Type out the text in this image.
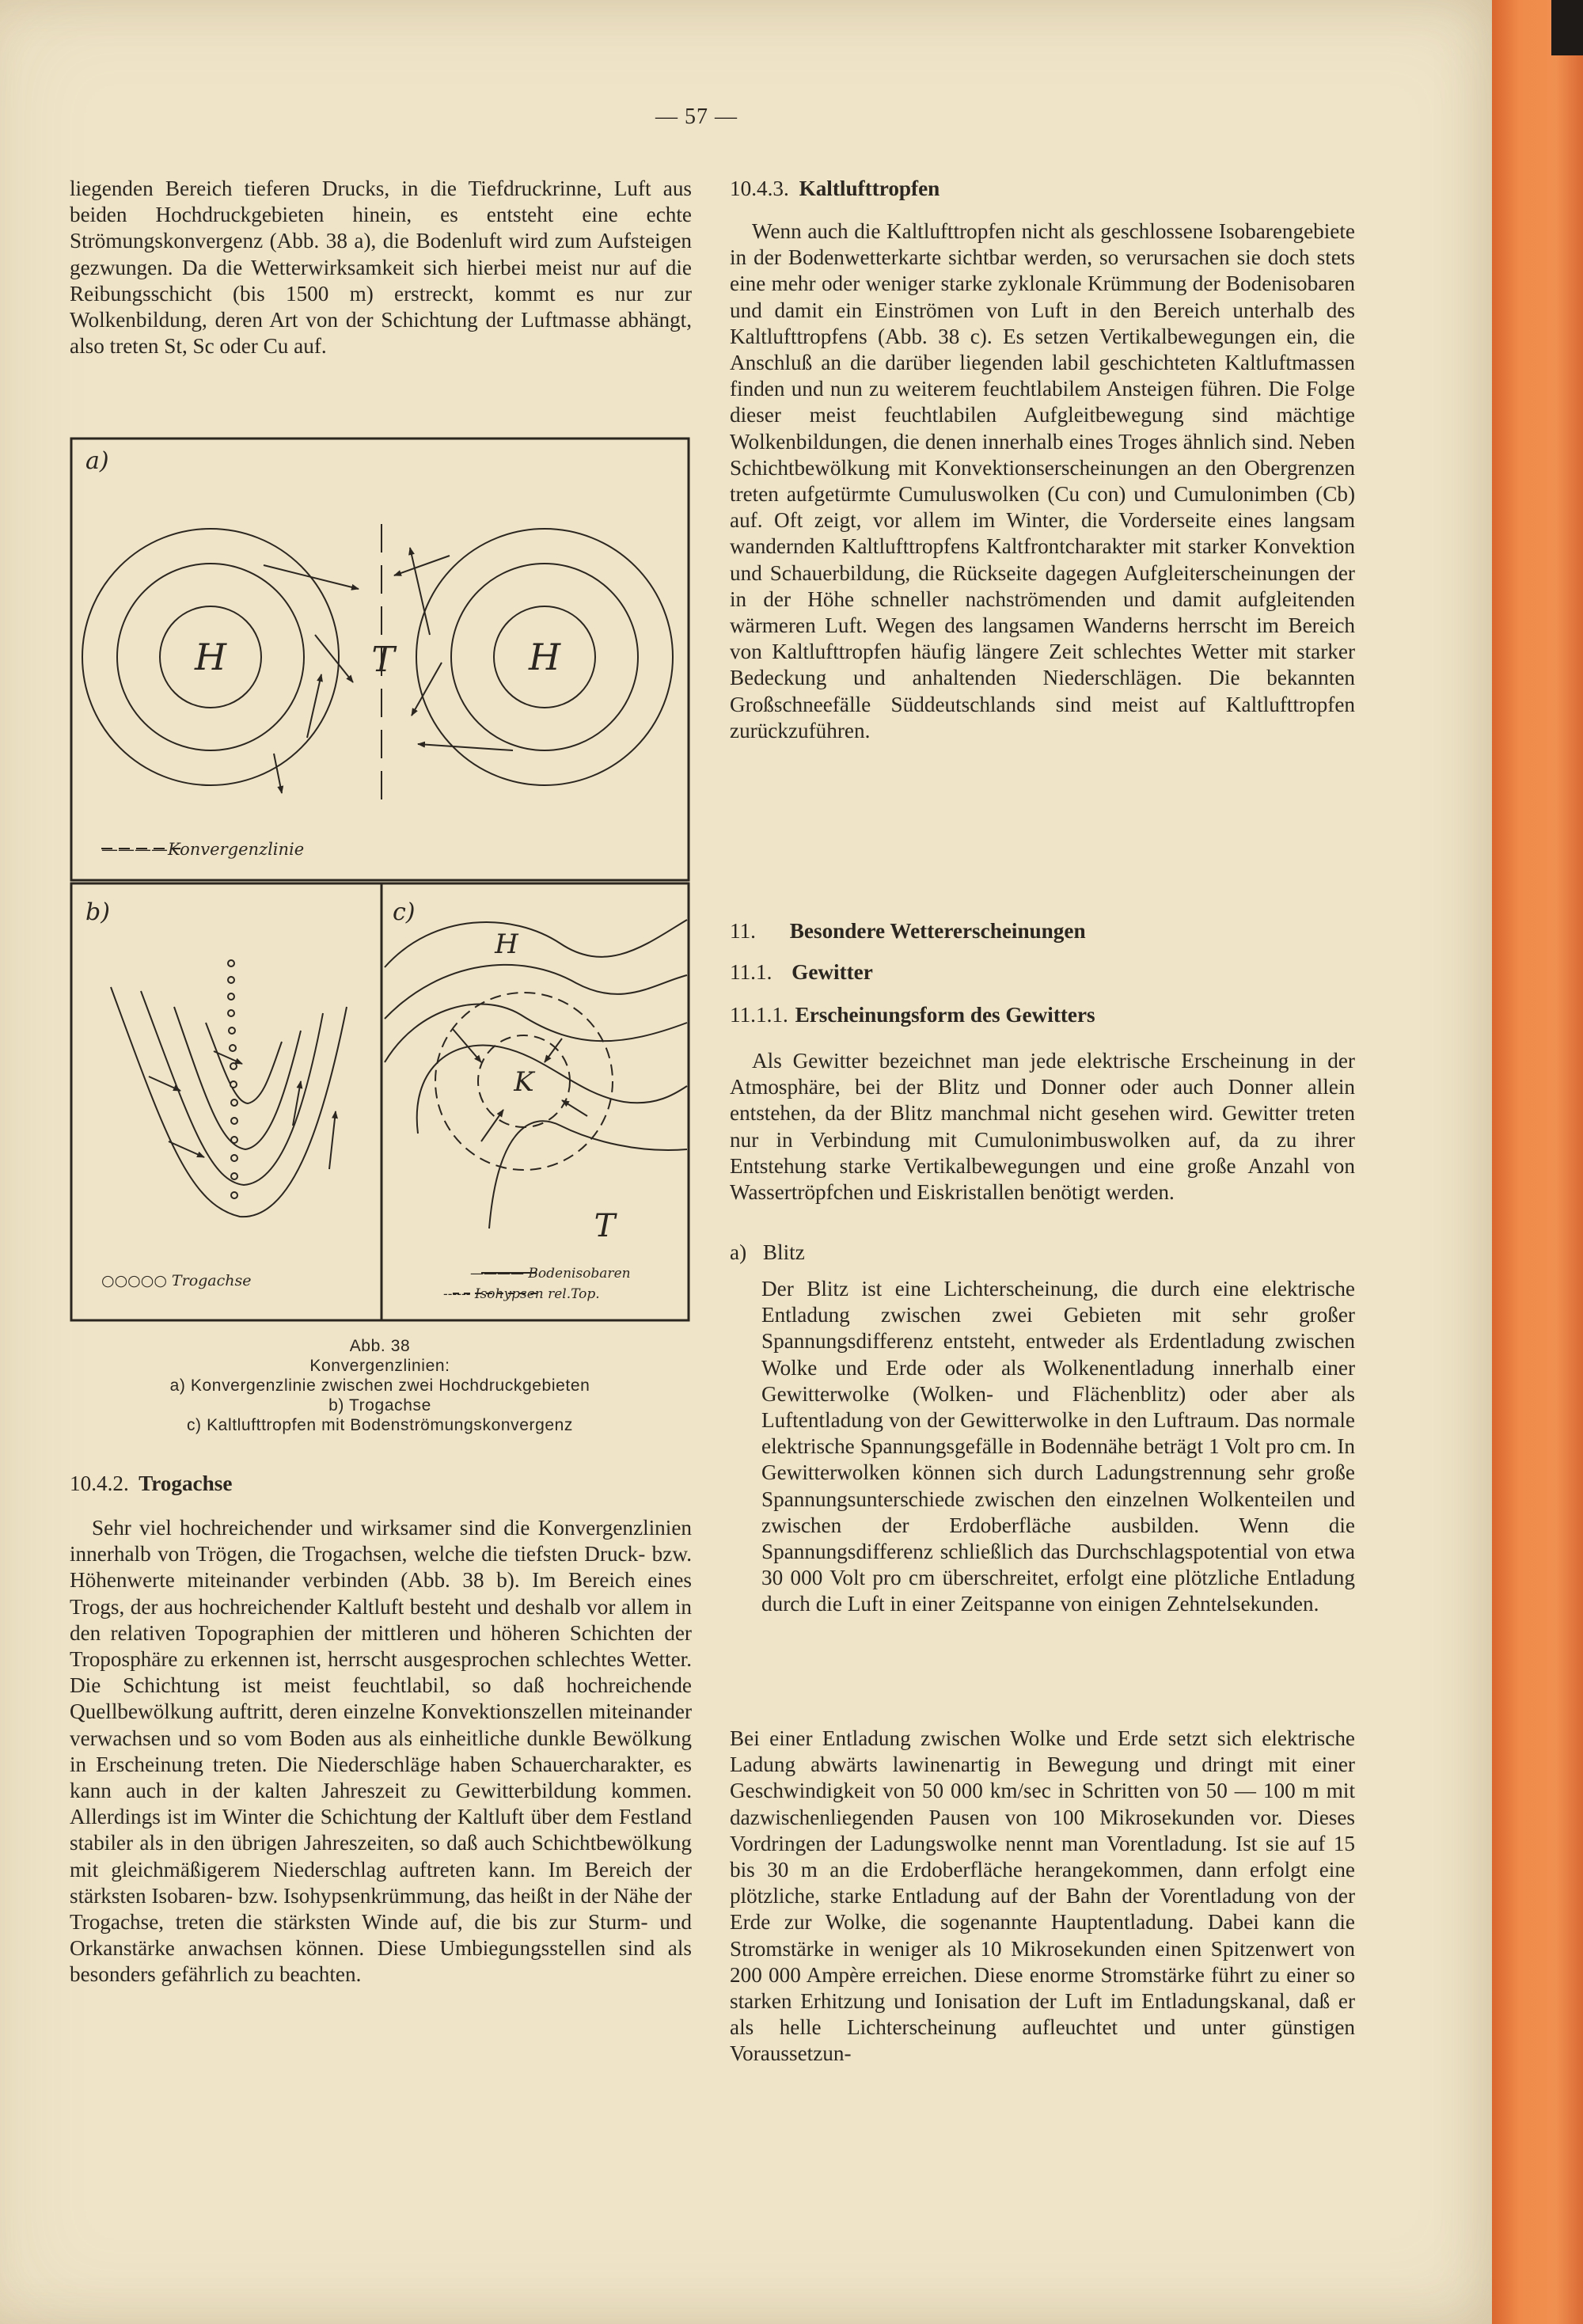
— 57 —

liegenden Bereich tieferen Drucks, in die Tiefdruckrinne, Luft aus beiden Hochdruckgebieten hinein, es entsteht eine echte Strömungskonvergenz (Abb. 38 a), die Bodenluft wird zum Aufsteigen gezwungen. Da die Wetterwirksamkeit sich hierbei meist nur auf die Reibungsschicht (bis 1500 m) erstreckt, kommt es nur zur Wolkenbildung, deren Art von der Schichtung der Luftmasse abhängt, also treten St, Sc oder Cu auf.

a)
b)	c)
H	H
T
H
K
T
————Konvergenzlinie
○○○○○ Trogachse	———— Bodenisobaren
------ Isohypsen rel.Top.
Abb. 38
Konvergenzlinien:
a) Konvergenzlinie zwischen zwei Hochdruckgebieten
b) Trogachse
c) Kaltlufttropfen mit Bodenströmungskonvergenz

10.4.2. Trogachse

Sehr viel hochreichender und wirksamer sind die Konvergenzlinien innerhalb von Trögen, die Trogachsen, welche die tiefsten Druck- bzw. Höhenwerte miteinander verbinden (Abb. 38 b). Im Bereich eines Trogs, der aus hochreichender Kaltluft besteht und deshalb vor allem in den relativen Topographien der mittleren und höheren Schichten der Troposphäre zu erkennen ist, herrscht ausgesprochen schlechtes Wetter. Die Schichtung ist meist feuchtlabil, so daß hochreichende Quellbewölkung auftritt, deren einzelne Konvektionszellen miteinander verwachsen und so vom Boden aus als einheitliche dunkle Bewölkung in Erscheinung treten. Die Niederschläge haben Schauercharakter, es kann auch in der kalten Jahreszeit zu Gewitterbildung kommen. Allerdings ist im Winter die Schichtung der Kaltluft über dem Festland stabiler als in den übrigen Jahreszeiten, so daß auch Schichtbewölkung mit gleichmäßigerem Niederschlag auftreten kann. Im Bereich der stärksten Isobaren- bzw. Isohypsenkrümmung, das heißt in der Nähe der Trogachse, treten die stärksten Winde auf, die bis zur Sturm- und Orkanstärke anwachsen können. Diese Umbiegungsstellen sind als besonders gefährlich zu beachten.

10.4.3. Kaltlufttropfen

Wenn auch die Kaltlufttropfen nicht als geschlossene Isobarengebiete in der Bodenwetterkarte sichtbar werden, so verursachen sie doch stets eine mehr oder weniger starke zyklonale Krümmung der Bodenisobaren und damit ein Einströmen von Luft in den Bereich unterhalb des Kaltlufttropfens (Abb. 38 c). Es setzen Vertikalbewegungen ein, die Anschluß an die darüber liegenden labil geschichteten Kaltluftmassen finden und nun zu weiterem feuchtlabilem Ansteigen führen. Die Folge dieser meist feuchtlabilen Aufgleitbewegung sind mächtige Wolkenbildungen, die denen innerhalb eines Troges ähnlich sind. Neben Schichtbewölkung mit Konvektionserscheinungen an den Obergrenzen treten aufgetürmte Cumuluswolken (Cu con) und Cumulonimben (Cb) auf. Oft zeigt, vor allem im Winter, die Vorderseite eines langsam wandernden Kaltlufttropfens Kaltfrontcharakter mit starker Konvektion und Schauerbildung, die Rückseite dagegen Aufgleiterscheinungen der in der Höhe schneller nachströmenden und damit aufgleitenden wärmeren Luft. Wegen des langsamen Wanderns herrscht im Bereich von Kaltlufttropfen häufig längere Zeit schlechtes Wetter mit starker Bedeckung und anhaltenden Niederschlägen. Die bekannten Großschneefälle Süddeutschlands sind meist auf Kaltlufttropfen zurückzuführen.

11. Besondere Wettererscheinungen

11.1. Gewitter

11.1.1. Erscheinungsform des Gewitters

Als Gewitter bezeichnet man jede elektrische Erscheinung in der Atmosphäre, bei der Blitz und Donner oder auch Donner allein entstehen, da der Blitz manchmal nicht gesehen wird. Gewitter treten nur in Verbindung mit Cumulonimbuswolken auf, da zu ihrer Entstehung starke Vertikalbewegungen und eine große Anzahl von Wassertröpfchen und Eiskristallen benötigt werden.

a) Blitz

Der Blitz ist eine Lichterscheinung, die durch eine elektrische Entladung zwischen zwei Gebieten mit sehr großer Spannungsdifferenz entsteht, entweder als Erdentladung zwischen Wolke und Erde oder als Wolkenentladung innerhalb einer Gewitterwolke (Wolken- und Flächenblitz) oder aber als Luftentladung von der Gewitterwolke in den Luftraum. Das normale elektrische Spannungsgefälle in Bodennähe beträgt 1 Volt pro cm. In Gewitterwolken können sich durch Ladungstrennung sehr große Spannungsunterschiede zwischen den einzelnen Wolkenteilen und zwischen der Erdoberfläche ausbilden. Wenn die Spannungsdifferenz schließlich das Durchschlagspotential von etwa 30 000 Volt pro cm überschreitet, erfolgt eine plötzliche Entladung durch die Luft in einer Zeitspanne von einigen Zehntelsekunden.

Bei einer Entladung zwischen Wolke und Erde setzt sich elektrische Ladung abwärts lawinenartig in Bewegung und dringt mit einer Geschwindigkeit von 50 000 km/sec in Schritten von 50 — 100 m mit dazwischenliegenden Pausen von 100 Mikrosekunden vor. Dieses Vordringen der Ladungswolke nennt man Vorentladung. Ist sie auf 15 bis 30 m an die Erdoberfläche herangekommen, dann erfolgt eine plötzliche, starke Entladung auf der Bahn der Vorentladung von der Erde zur Wolke, die sogenannte Hauptentladung. Dabei kann die Stromstärke in weniger als 10 Mikrosekunden einen Spitzenwert von 200 000 Ampère erreichen. Diese enorme Stromstärke führt zu einer so starken Erhitzung und Ionisation der Luft im Entladungskanal, daß er als helle Lichterscheinung aufleuchtet und unter günstigen Voraussetzun-
